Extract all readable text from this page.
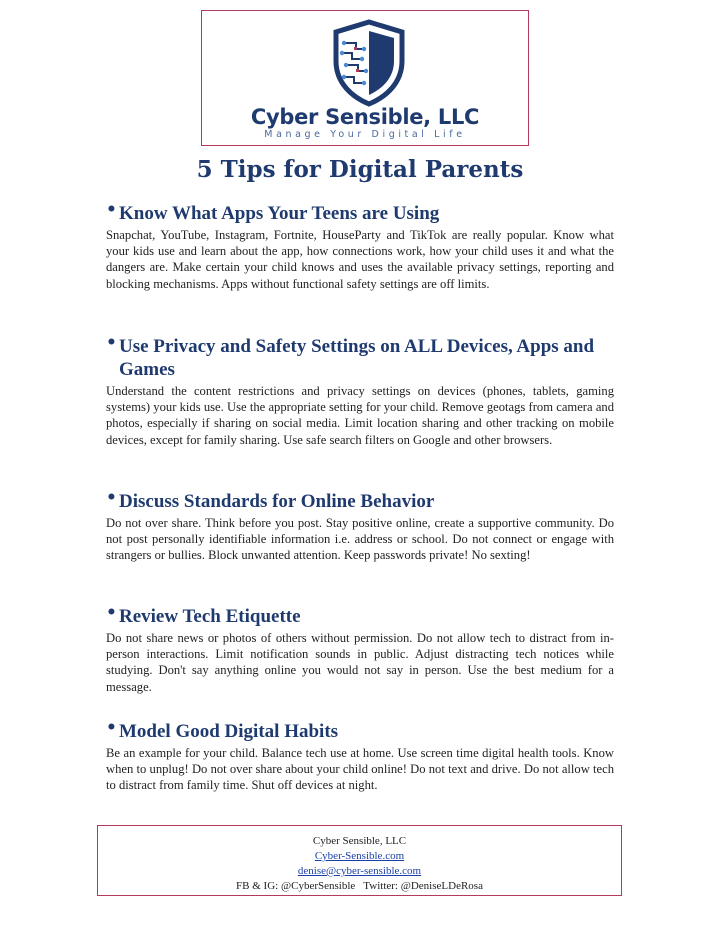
Cyber Sensible, LLC
Manage Your Digital Life
5 Tips for Digital Parents
• Know What Apps Your Teens are Using

Snapchat, YouTube, Instagram, Fortnite, HouseParty and TikTok are really popular. Know what your kids use and learn about the app, how connections work, how your child uses it and what the dangers are. Make certain your child knows and uses the available privacy settings, reporting and blocking mechanisms. Apps without functional safety settings are off limits.

• Use Privacy and Safety Settings on ALL Devices, Apps and Games

Understand the content restrictions and privacy settings on devices (phones, tablets, gaming systems) your kids use. Use the appropriate setting for your child. Remove geotags from camera and photos, especially if sharing on social media. Limit location sharing and other tracking on mobile devices, except for family sharing. Use safe search filters on Google and other browsers.

• Discuss Standards for Online Behavior

Do not over share. Think before you post. Stay positive online, create a supportive community. Do not post personally identifiable information i.e. address or school. Do not connect or engage with strangers or bullies. Block unwanted attention. Keep passwords private! No sexting!

• Review Tech Etiquette

Do not share news or photos of others without permission. Do not allow tech to distract from in-person interactions. Limit notification sounds in public. Adjust distracting tech notices while studying. Don't say anything online you would not say in person. Use the best medium for a message.

• Model Good Digital Habits

Be an example for your child. Balance tech use at home. Use screen time digital health tools. Know when to unplug! Do not over share about your child online! Do not text and drive. Do not allow tech to distract from family time. Shut off devices at night.

Cyber Sensible, LLC
Cyber-Sensible.com
denise@cyber-sensible.com
FB & IG: @CyberSensible   Twitter: @DeniseLDeRosa
